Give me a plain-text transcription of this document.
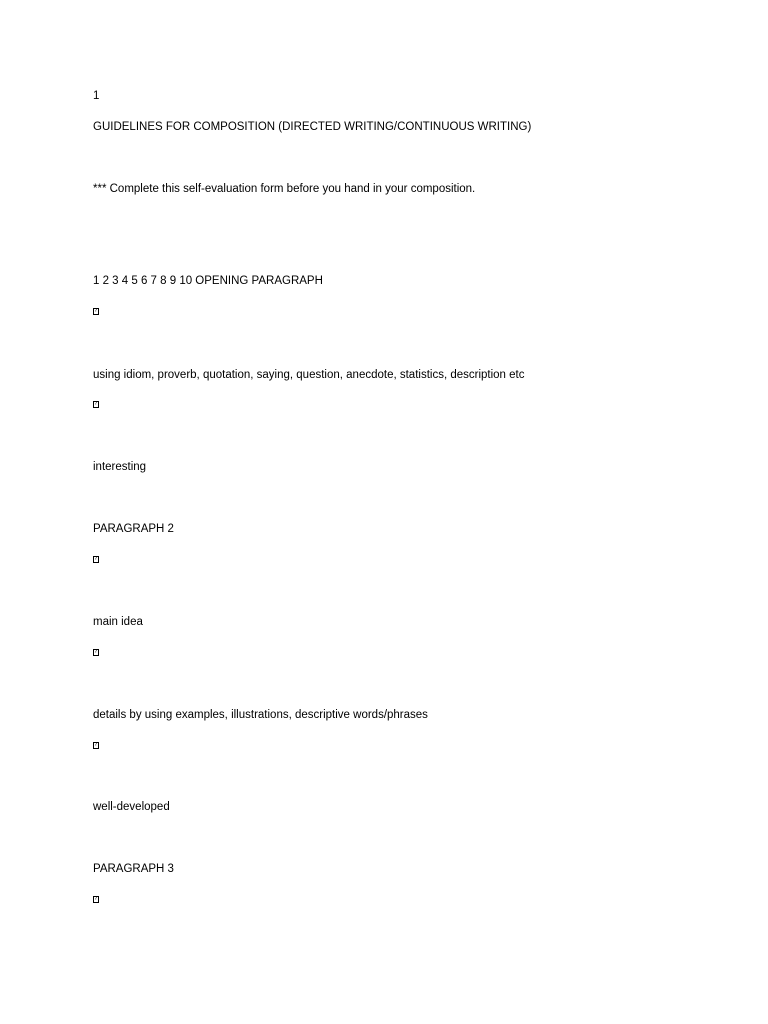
1
GUIDELINES FOR COMPOSITION (DIRECTED WRITING/CONTINUOUS WRITING)
*** Complete this self-evaluation form before you hand in your composition.
1 2 3 4 5 6 7 8 9 10 OPENING PARAGRAPH
?
using idiom, proverb, quotation, saying, question, anecdote, statistics, description etc
?
interesting
PARAGRAPH 2
?
main idea
?
details by using examples, illustrations, descriptive words/phrases
?
well-developed
PARAGRAPH 3
?
